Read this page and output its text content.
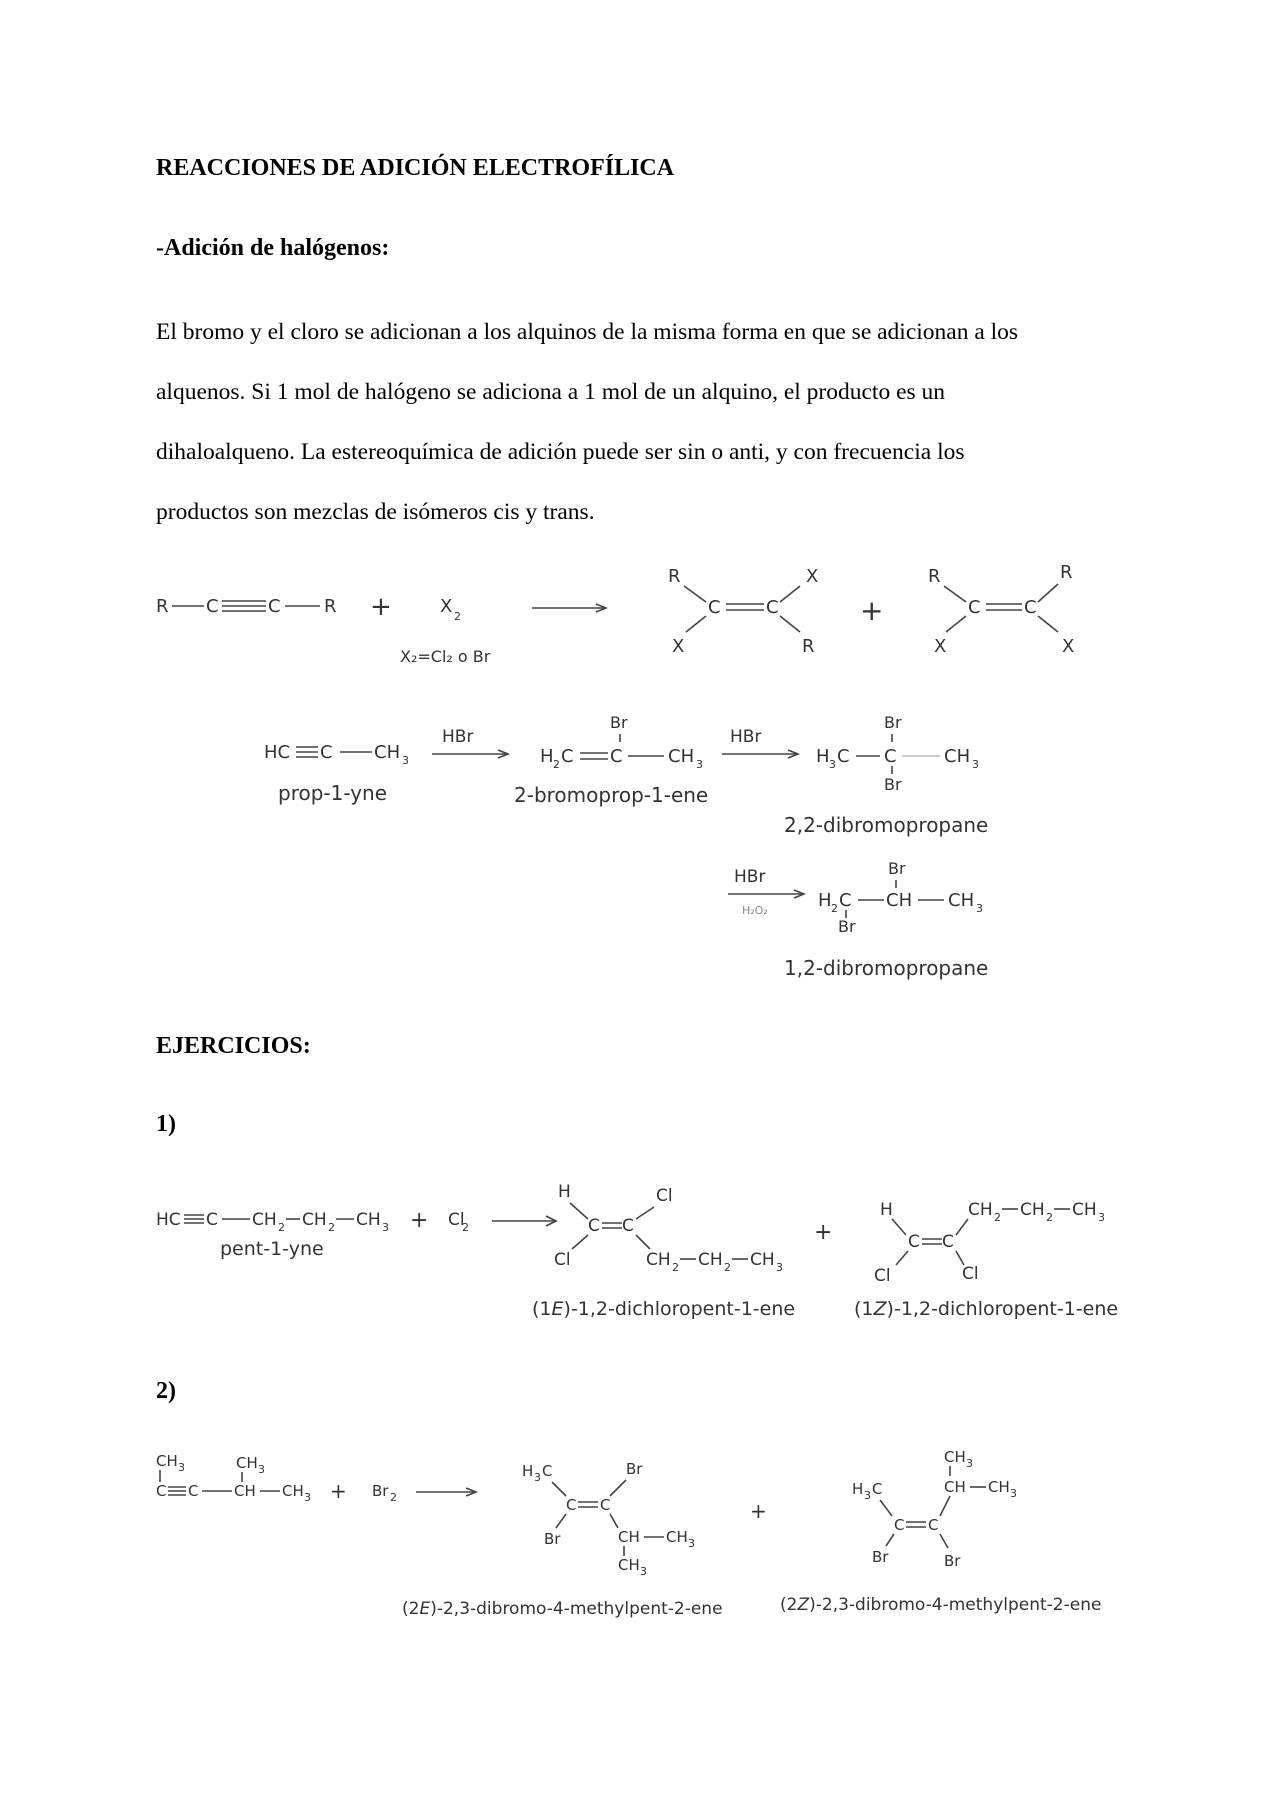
REACCIONES DE ADICIÓN ELECTROFÍLICA
-Adición de halógenos:

El bromo y el cloro se adicionan a los alquinos de la misma forma en que se adicionan a los

alquenos. Si 1 mol de halógeno se adiciona a 1 mol de un alquino, el producto es un

dihaloalqueno. La estereoquímica de adición puede ser sin o anti, y con frecuencia los

productos son mezclas de isómeros cis y trans.

R C	C R +	X 2
X₂=Cl₂ o Br
R	X
C	C
X	R
+
R	R
C C
X	X
HC C CH 3
prop-1-yne
HBr
Br
H 2 C C	CH 3
2-bromoprop-1-ene
HBr
Br
H 3 C C	CH 3
Br
2,2-dibromopropane
HBr
H₂O₂
Br
H 2 C CH CH 3
Br
1,2-dibromopropane
EJERCICIOS:
1)
HC C CH 2 CH 2 CH 3
pent-1-yne
+ Cl
2
H	Cl
C C
Cl	CH 2 CH 2 CH 3
(1E)-1,2-dichloropent-1-ene
+
H	CH 2 CH 2 CH 3
C C
Cl	Cl
(1Z)-1,2-dichloropent-1-ene
2)
CH 3	CH 3
C C CH CH 3 + Br 2
H 3 C	Br
C C
Br	CH CH 3
CH 3
(2E)-2,3-dibromo-4-methylpent-2-ene
+
CH 3
CH CH 3
H 3 C
C C
Br	Br
(2Z)-2,3-dibromo-4-methylpent-2-ene
